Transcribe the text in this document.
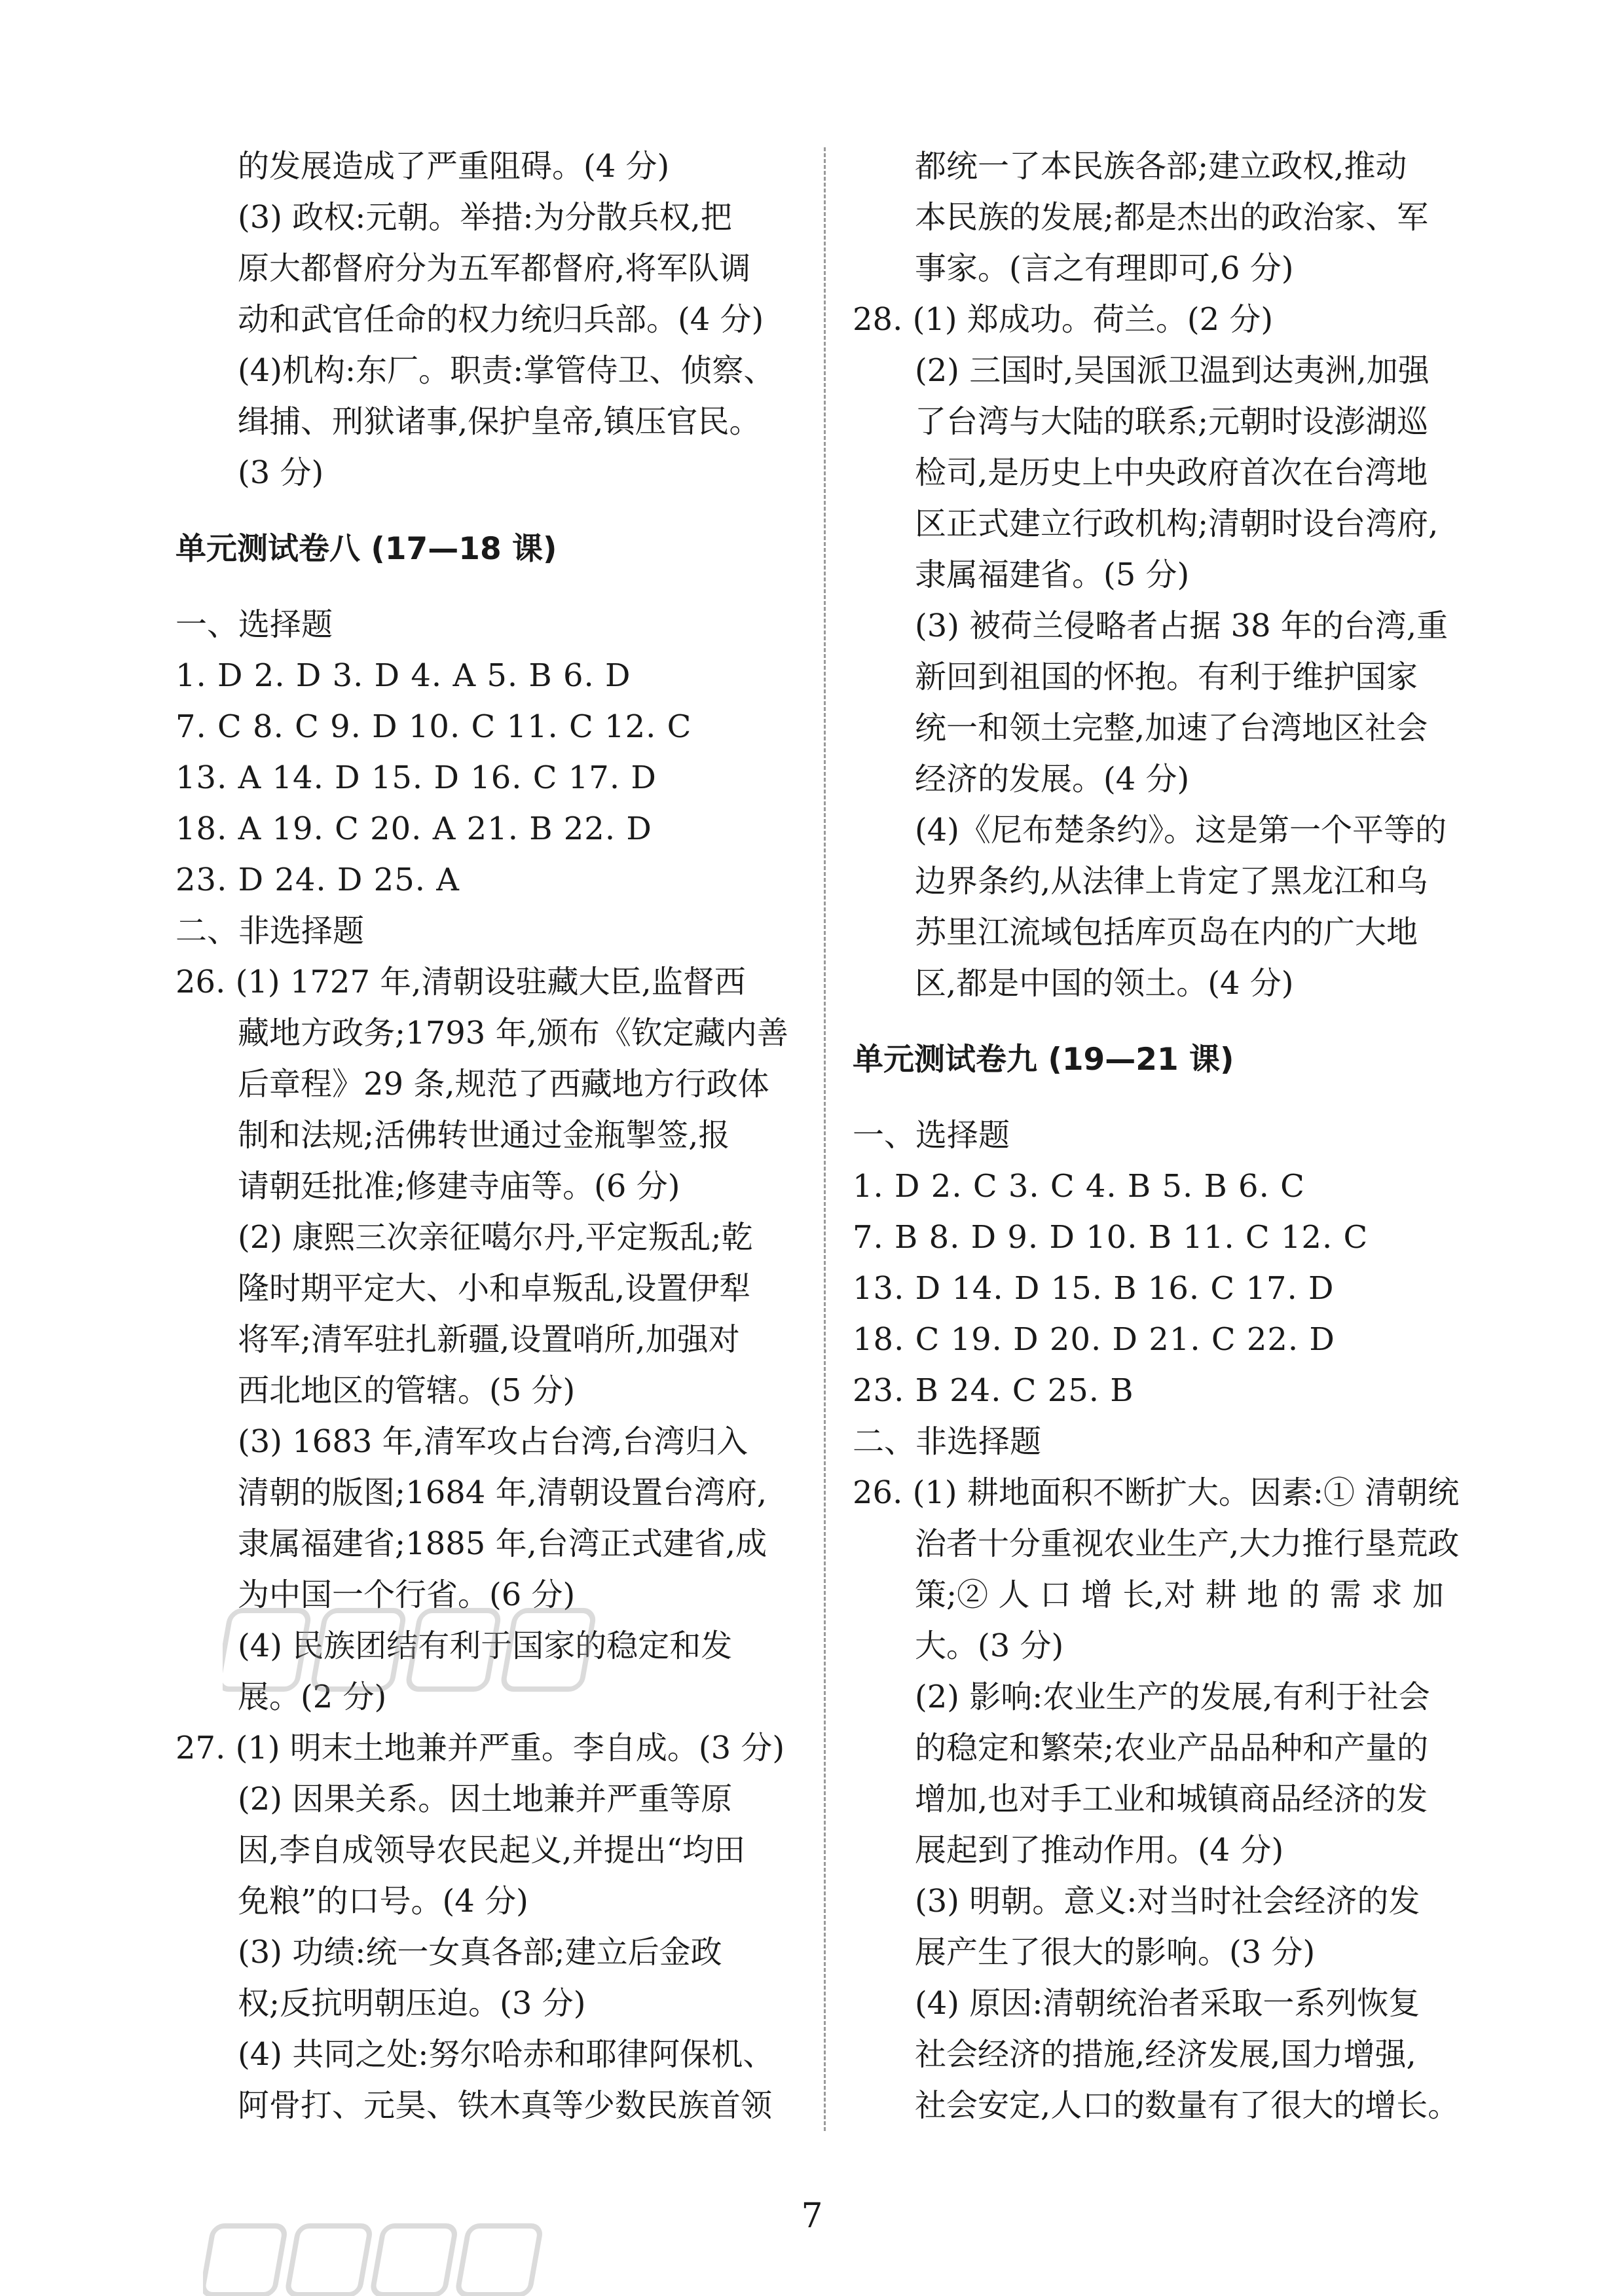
的发展造成了严重阻碍。(4 分)
(3) 政权:元朝。举措:为分散兵权,把
原大都督府分为五军都督府,将军队调
动和武官任命的权力统归兵部。(4 分)
(4)机构:东厂。职责:掌管侍卫、侦察、
缉捕、刑狱诸事,保护皇帝,镇压官民。
(3 分)
单元测试卷八 (17—18 课)
一、选择题
1. D 2. D 3. D 4. A 5. B 6. D
7. C 8. C 9. D 10. C 11. C 12. C
13. A 14. D 15. D 16. C 17. D
18. A 19. C 20. A 21. B 22. D
23. D 24. D 25. A
二、非选择题
26. (1) 1727 年,清朝设驻藏大臣,监督西
藏地方政务;1793 年,颁布《钦定藏内善
后章程》29 条,规范了西藏地方行政体
制和法规;活佛转世通过金瓶掣签,报
请朝廷批准;修建寺庙等。(6 分)
(2) 康熙三次亲征噶尔丹,平定叛乱;乾
隆时期平定大、小和卓叛乱,设置伊犁
将军;清军驻扎新疆,设置哨所,加强对
西北地区的管辖。(5 分)
(3) 1683 年,清军攻占台湾,台湾归入
清朝的版图;1684 年,清朝设置台湾府,
隶属福建省;1885 年,台湾正式建省,成
为中国一个行省。(6 分)
(4) 民族团结有利于国家的稳定和发
展。(2 分)
27. (1) 明末土地兼并严重。李自成。(3 分)
(2) 因果关系。因土地兼并严重等原
因,李自成领导农民起义,并提出“均田
免粮”的口号。(4 分)
(3) 功绩:统一女真各部;建立后金政
权;反抗明朝压迫。(3 分)
(4) 共同之处:努尔哈赤和耶律阿保机、
阿骨打、元昊、铁木真等少数民族首领
都统一了本民族各部;建立政权,推动
本民族的发展;都是杰出的政治家、军
事家。(言之有理即可,6 分)
28. (1) 郑成功。荷兰。(2 分)
(2) 三国时,吴国派卫温到达夷洲,加强
了台湾与大陆的联系;元朝时设澎湖巡
检司,是历史上中央政府首次在台湾地
区正式建立行政机构;清朝时设台湾府,
隶属福建省。(5 分)
(3) 被荷兰侵略者占据 38 年的台湾,重
新回到祖国的怀抱。有利于维护国家
统一和领土完整,加速了台湾地区社会
经济的发展。(4 分)
(4)《尼布楚条约》。这是第一个平等的
边界条约,从法律上肯定了黑龙江和乌
苏里江流域包括库页岛在内的广大地
区,都是中国的领土。(4 分)
单元测试卷九 (19—21 课)
一、选择题
1. D 2. C 3. C 4. B 5. B 6. C
7. B 8. D 9. D 10. B 11. C 12. C
13. D 14. D 15. B 16. C 17. D
18. C 19. D 20. D 21. C 22. D
23. B 24. C 25. B
二、非选择题
26. (1) 耕地面积不断扩大。因素:① 清朝统
治者十分重视农业生产,大力推行垦荒政
策;② 人 口 增 长,对 耕 地 的 需 求 加
大。(3 分)
(2) 影响:农业生产的发展,有利于社会
的稳定和繁荣;农业产品品种和产量的
增加,也对手工业和城镇商品经济的发
展起到了推动作用。(4 分)
(3) 明朝。意义:对当时社会经济的发
展产生了很大的影响。(3 分)
(4) 原因:清朝统治者采取一系列恢复
社会经济的措施,经济发展,国力增强,
社会安定,人口的数量有了很大的增长。
7
